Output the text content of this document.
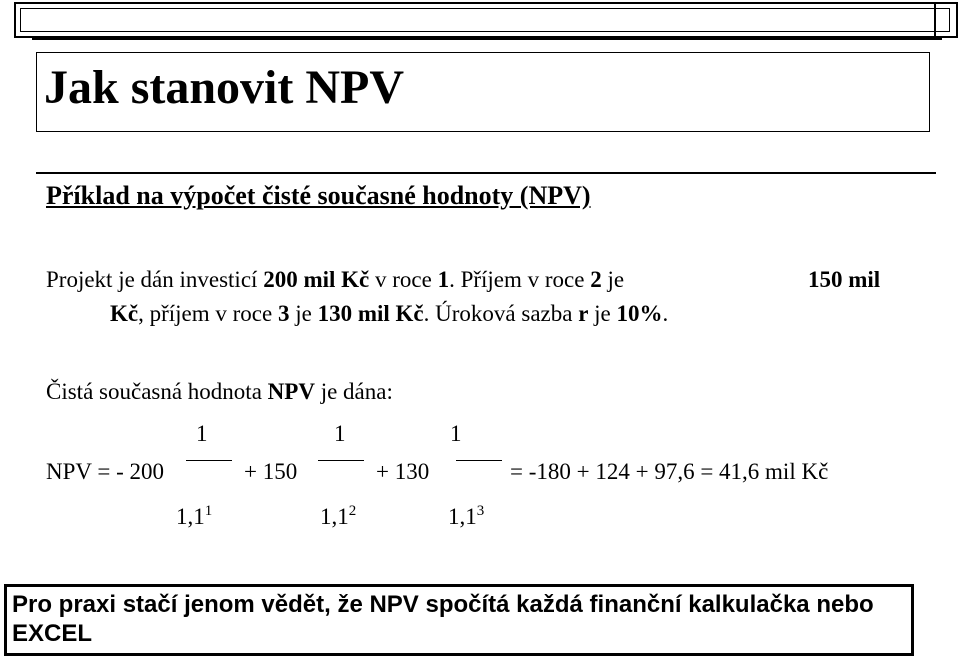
Jak stanovit NPV
Příklad na výpočet čisté současné hodnoty (NPV)
Projekt je dán investicí 200 mil Kč v roce 1. Příjem v roce 2 je	150 mil
Kč, příjem v roce 3 je 130 mil Kč. Úroková sazba r je 10%.
Čistá současná hodnota NPV je dána:
1	1	1
NPV = - 200	+ 150	+ 130	= -180 + 124 + 97,6 = 41,6 mil Kč
$1,1^1$	$1,1^2$	$1,1^3$
Pro praxi stačí jenom vědět, že NPV spočítá každá finanční kalkulačka nebo EXCEL
